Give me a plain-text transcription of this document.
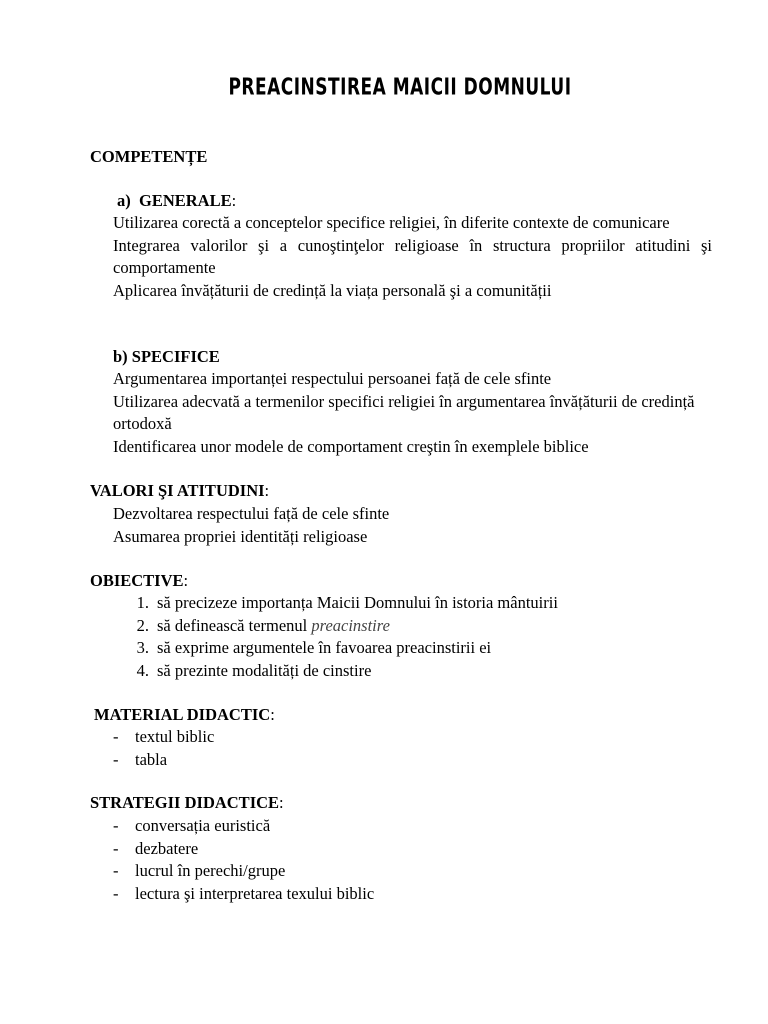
PREACINSTIREA MAICII DOMNULUI
COMPETENȚE
a) GENERALE:
Utilizarea corectă a conceptelor specifice religiei, în diferite contexte de comunicare
Integrarea valorilor şi a cunoştinţelor religioase în structura propriilor atitudini şi comportamente
Aplicarea învățăturii de credință la viața personală şi a comunității
b) SPECIFICE
Argumentarea importanței respectului persoanei față de cele sfinte
Utilizarea adecvată a termenilor specifici religiei în argumentarea învățăturii de credință ortodoxă
Identificarea unor modele de comportament creştin în exemplele biblice
VALORI ŞI ATITUDINI:
Dezvoltarea respectului față de cele sfinte
Asumarea propriei identități religioase
OBIECTIVE:
1. să precizeze importanța Maicii Domnului în istoria mântuirii
2. să definească termenul preacinstire
3. să exprime argumentele în favoarea preacinstirii ei
4. să prezinte modalități de cinstire
MATERIAL DIDACTIC:
-	textul biblic
-	tabla
STRATEGII DIDACTICE:
-	conversația euristică
-	dezbatere
-	lucrul în perechi/grupe
-	lectura şi interpretarea texului biblic
